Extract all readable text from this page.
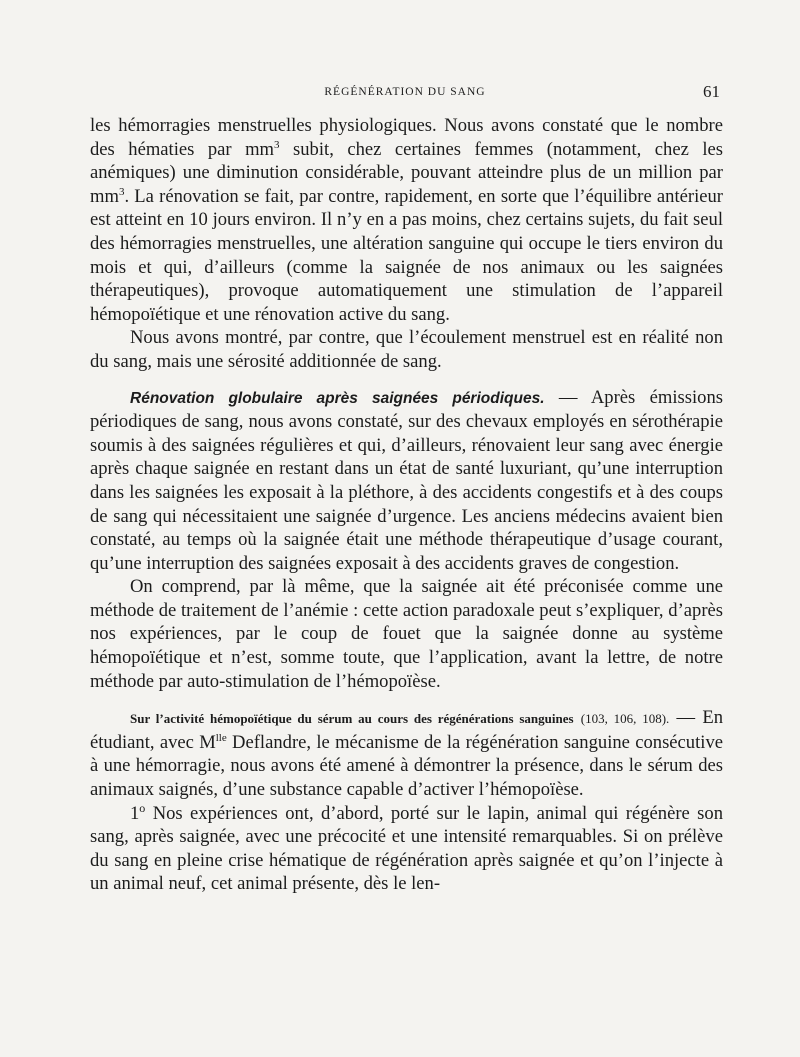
RÉGÉNÉRATION DU SANG	61

les hémorragies menstruelles physiologiques. Nous avons constaté que le nombre des hématies par $mm^3$ subit, chez certaines femmes (notamment, chez les anémiques) une diminution considérable, pouvant atteindre plus de un million par $mm^3$. La rénovation se fait, par contre, rapidement, en sorte que l’équilibre antérieur est atteint en 10 jours environ. Il n’y en a pas moins, chez certains sujets, du fait seul des hémorragies menstruelles, une altération sanguine qui occupe le tiers environ du mois et qui, d’ailleurs (comme la saignée de nos animaux ou les saignées thérapeutiques), provoque automatiquement une stimulation de l’appareil hémopoïétique et une rénovation active du sang.

Nous avons montré, par contre, que l’écoulement menstruel est en réalité non du sang, mais une sérosité additionnée de sang.

Rénovation globulaire après saignées périodiques. — Après émissions périodiques de sang, nous avons constaté, sur des chevaux employés en sérothérapie soumis à des saignées régulières et qui, d’ailleurs, rénovaient leur sang avec énergie après chaque saignée en restant dans un état de santé luxuriant, qu’une interruption dans les saignées les exposait à la pléthore, à des accidents congestifs et à des coups de sang qui nécessitaient une saignée d’urgence. Les anciens médecins avaient bien constaté, au temps où la saignée était une méthode thérapeutique d’usage courant, qu’une interruption des saignées exposait à des accidents graves de congestion.

On comprend, par là même, que la saignée ait été préconisée comme une méthode de traitement de l’anémie : cette action paradoxale peut s’expliquer, d’après nos expériences, par le coup de fouet que la saignée donne au système hémopoïétique et n’est, somme toute, que l’application, avant la lettre, de notre méthode par auto-stimulation de l’hémopoïèse.

Sur l’activité hémopoïétique du sérum au cours des régénérations sanguines (103, 106, 108). — En étudiant, avec $M^{lle}$ Deflandre, le mécanisme de la régénération sanguine consécutive à une hémorragie, nous avons été amené à démontrer la présence, dans le sérum des animaux saignés, d’une substance capable d’activer l’hémopoïèse.

1$^o$ Nos expériences ont, d’abord, porté sur le lapin, animal qui régénère son sang, après saignée, avec une précocité et une intensité remarquables. Si on prélève du sang en pleine crise hématique de régénération après saignée et qu’on l’injecte à un animal neuf, cet animal présente, dès le len-
